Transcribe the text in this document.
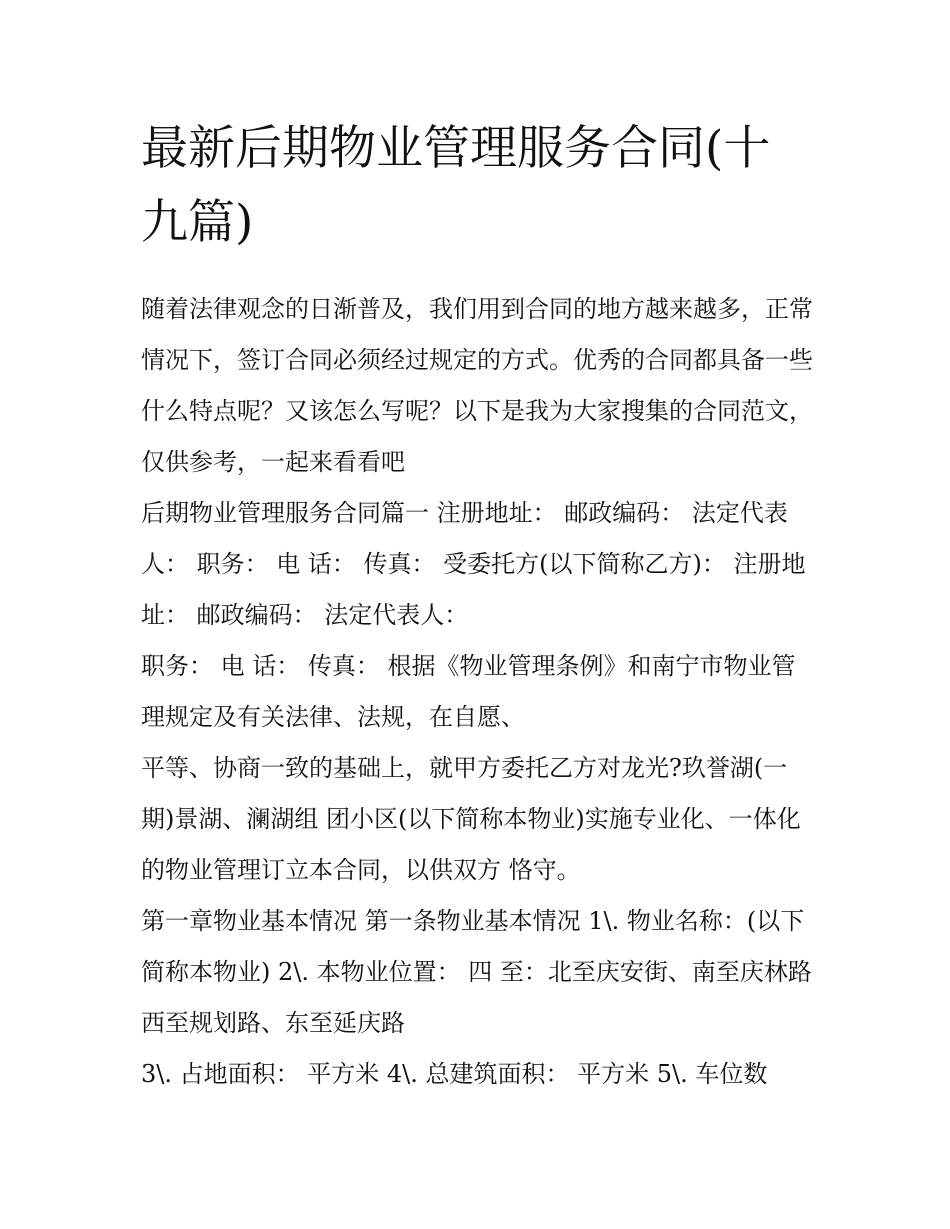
最新后期物业管理服务合同(十九篇)

随着法律观念的日渐普及，我们用到合同的地方越来越多，正常情况下，签订合同必须经过规定的方式。优秀的合同都具备一些什么特点呢？又该怎么写呢？以下是我为大家搜集的合同范文，仅供参考，一起来看看吧

后期物业管理服务合同篇一 注册地址： 邮政编码： 法定代表人： 职务： 电 话： 传真： 受委托方(以下简称乙方)： 注册地址： 邮政编码： 法定代表人：

职务： 电 话： 传真： 根据《物业管理条例》和南宁市物业管理规定及有关法律、法规，在自愿、

平等、协商一致的基础上，就甲方委托乙方对龙光?玖誉湖(一期)景湖、澜湖组 团小区(以下简称本物业)实施专业化、一体化的物业管理订立本合同，以供双方 恪守。

第一章物业基本情况 第一条物业基本情况 1\. 物业名称：(以下简称本物业) 2\. 本物业位置： 四 至：北至庆安街、南至庆林路 西至规划路、东至延庆路

3\. 占地面积： 平方米 4\. 总建筑面积： 平方米 5\. 车位数
